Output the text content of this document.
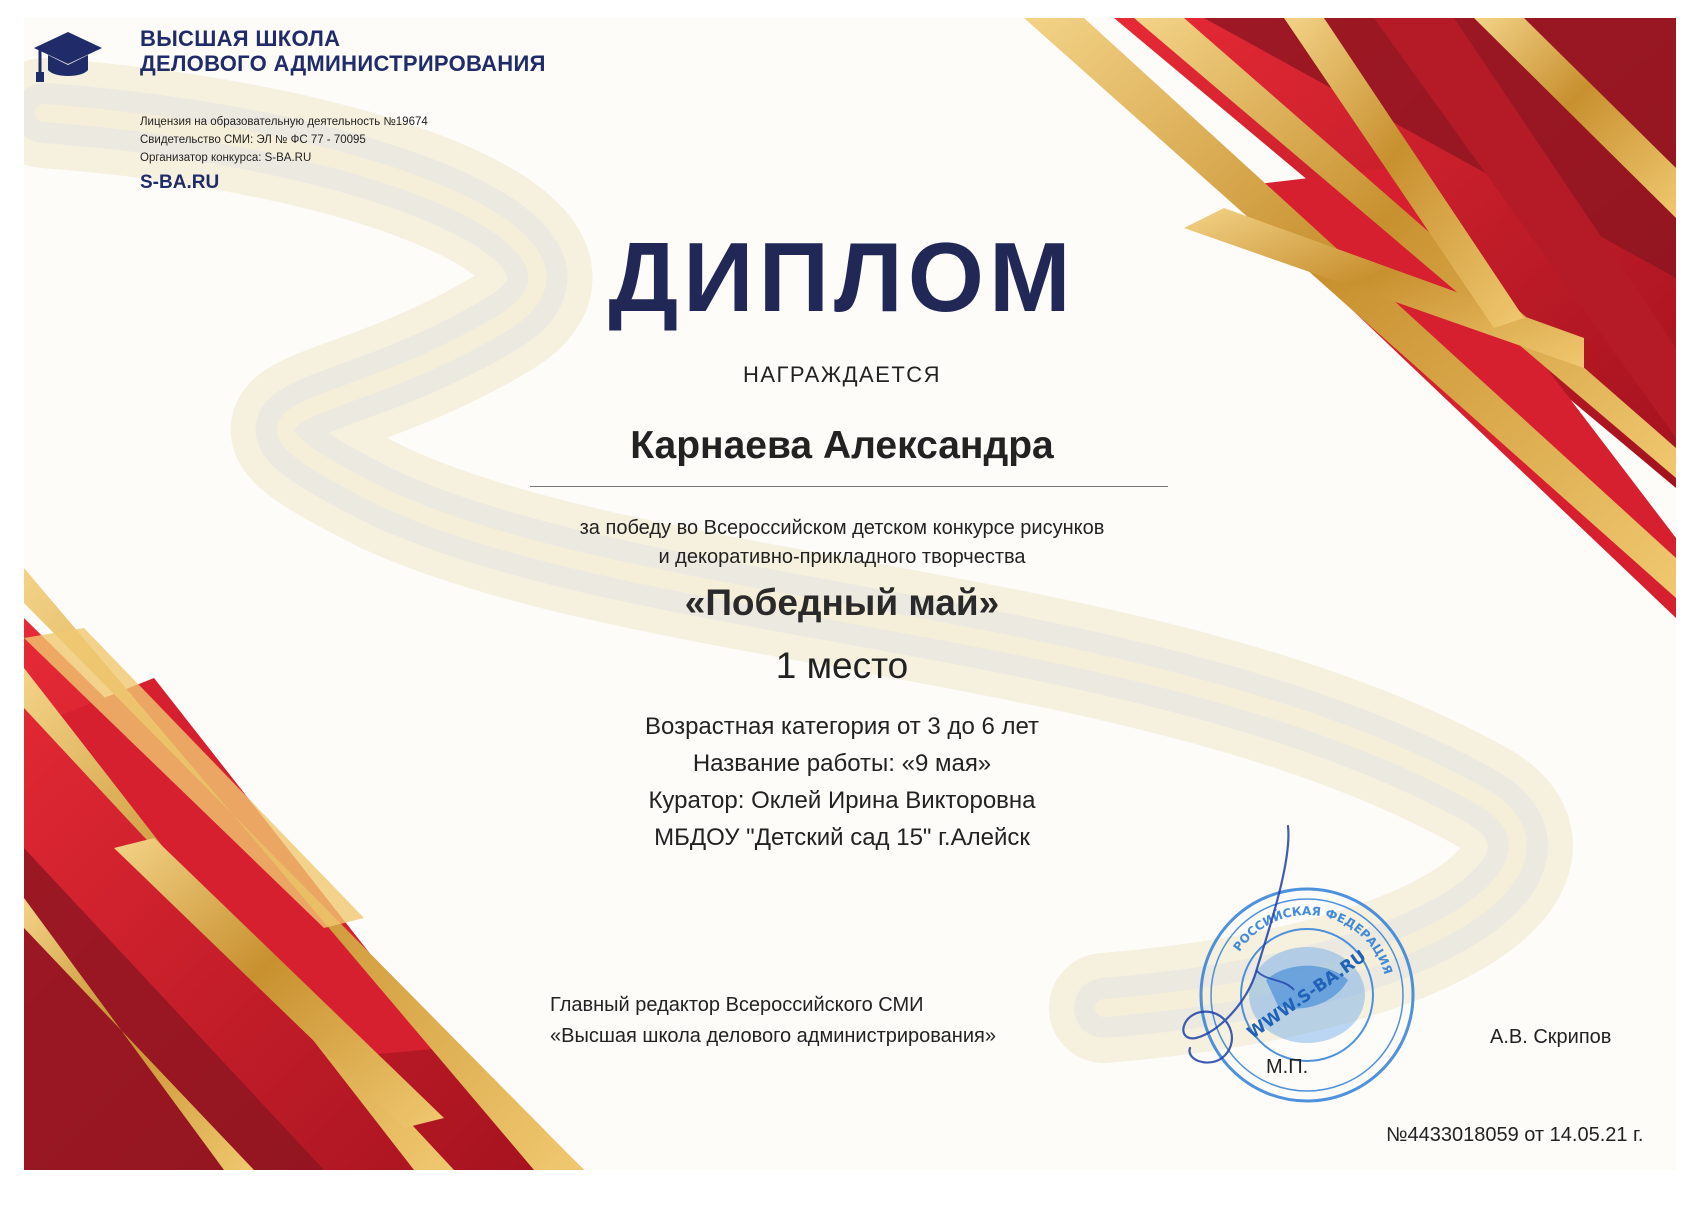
ВЫСШАЯ ШКОЛА
ДЕЛОВОГО АДМИНИСТРИРОВАНИЯ
Лицензия на образовательную деятельность №19674
Свидетельство СМИ: ЭЛ № ФС 77 - 70095
Организатор конкурса: S-BA.RU
S-BA.RU
ДИПЛОМ
НАГРАЖДАЕТСЯ
Карнаева Александра
за победу во Всероссийском детском конкурсе рисунков
и декоративно-прикладного творчества
«Победный май»
1 место
Возрастная категория от 3 до 6 лет
Название работы: «9 мая»
Куратор: Оклей Ирина Викторовна
МБДОУ "Детский сад 15" г.Алейск
Главный редактор Всероссийского СМИ
«Высшая школа делового администрирования»
РОССИЙСКАЯ ФЕДЕРАЦИЯ
WWW.S-BA.RU
М.П.
А.В. Скрипов
№4433018059 от 14.05.21 г.
